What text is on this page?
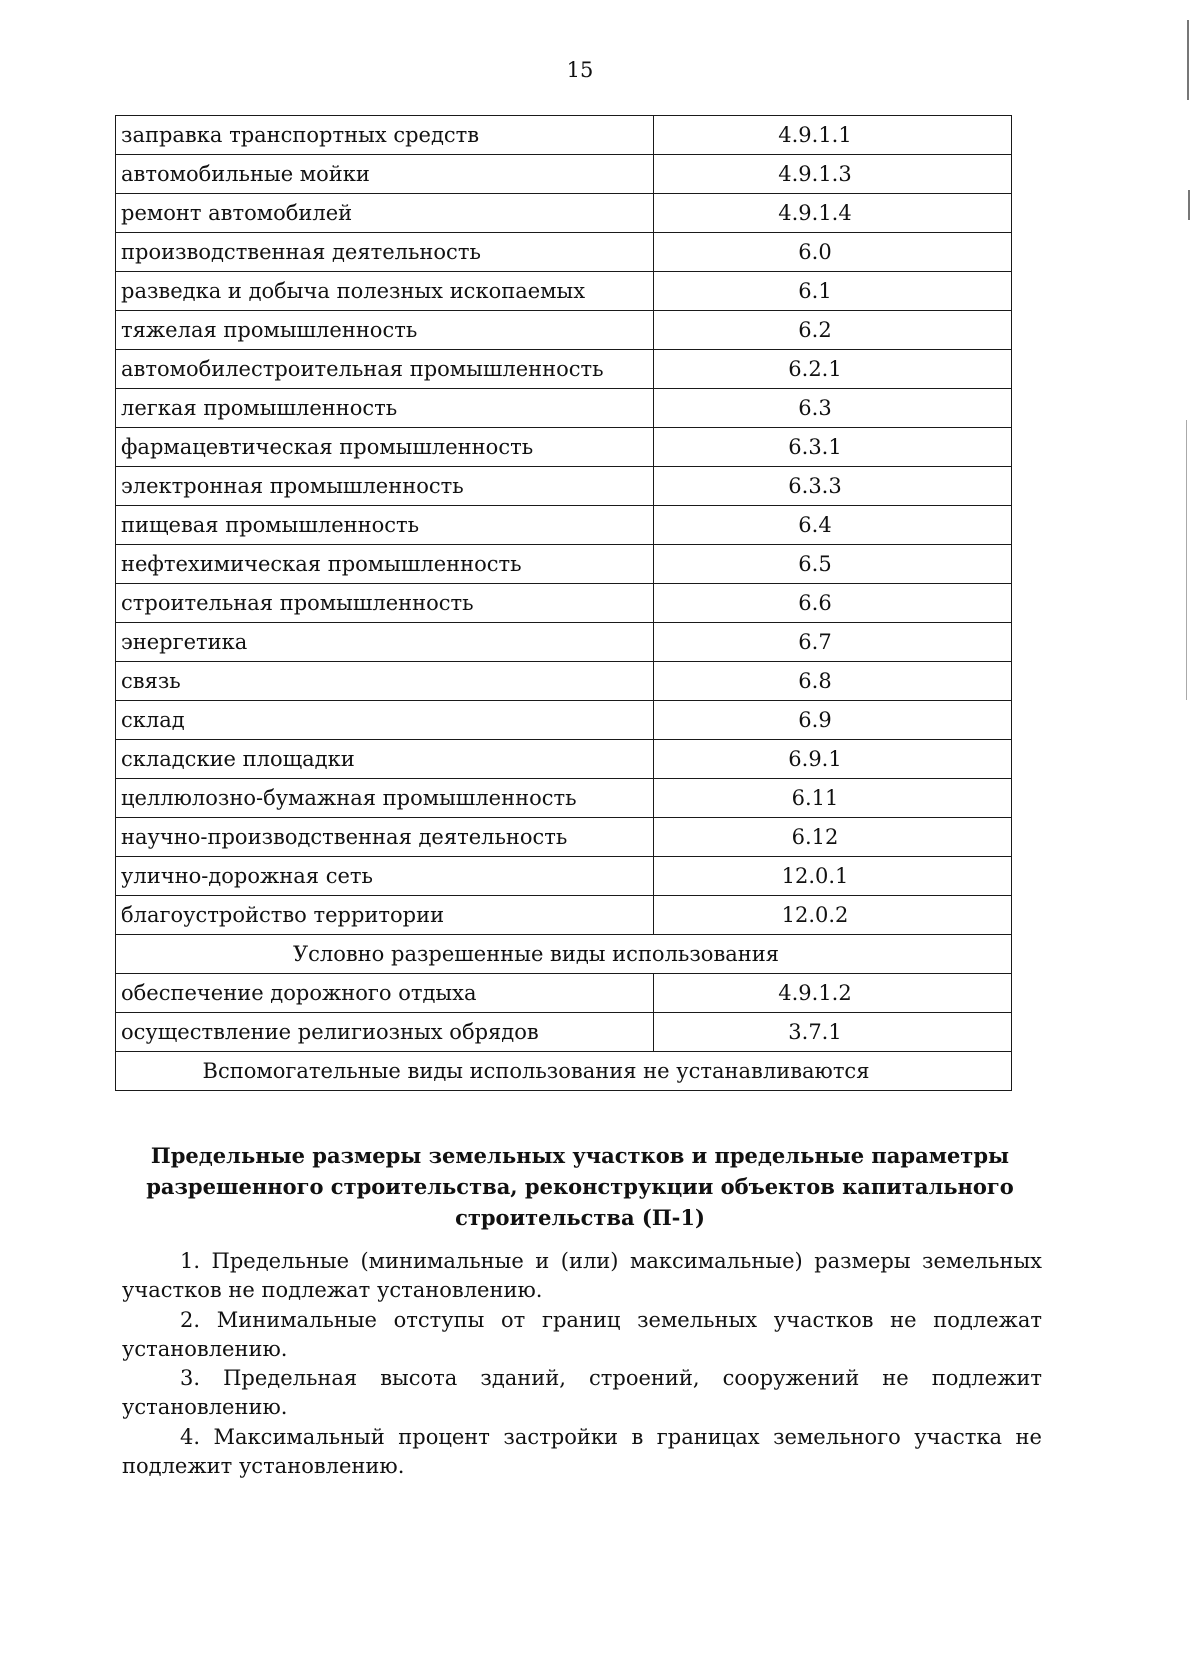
15
заправка транспортных средств	4.9.1.1
автомобильные мойки	4.9.1.3
ремонт автомобилей	4.9.1.4
производственная деятельность	6.0
разведка и добыча полезных ископаемых	6.1
тяжелая промышленность	6.2
автомобилестроительная промышленность	6.2.1
легкая промышленность	6.3
фармацевтическая промышленность	6.3.1
электронная промышленность	6.3.3
пищевая промышленность	6.4
нефтехимическая промышленность	6.5
строительная промышленность	6.6
энергетика	6.7
связь	6.8
склад	6.9
складские площадки	6.9.1
целлюлозно-бумажная промышленность	6.11
научно-производственная деятельность	6.12
улично-дорожная сеть	12.0.1
благоустройство территории	12.0.2
Условно разрешенные виды использования	
обеспечение дорожного отдыха	4.9.1.2
осуществление религиозных обрядов	3.7.1
Вспомогательные виды использования не устанавливаются	
Предельные размеры земельных участков и предельные параметры
разрешенного строительства, реконструкции объектов капитального
строительства (П-1)
1. Предельные (минимальные и (или) максимальные) размеры земельных
участков не подлежат установлению.
2. Минимальные отступы от границ земельных участков не подлежат
установлению.
3. Предельная высота зданий, строений, сооружений не подлежит
установлению.
4. Максимальный процент застройки в границах земельного участка не
подлежит установлению.
